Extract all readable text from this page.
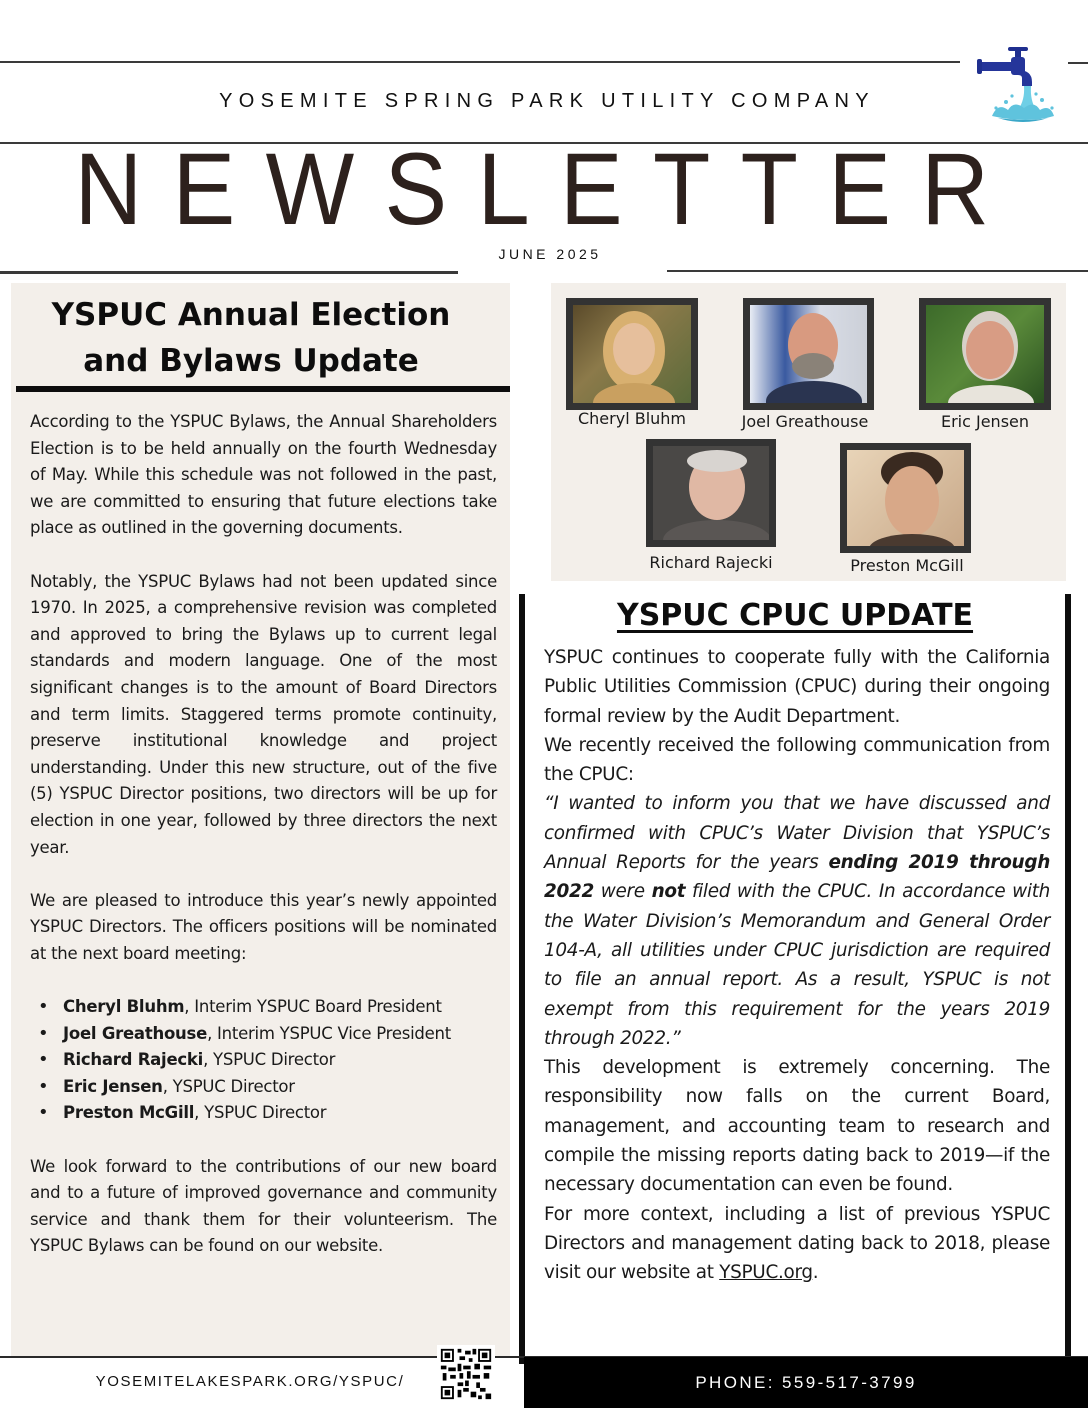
YOSEMITE SPRING PARK UTILITY COMPANY
NEWSLETTER
JUNE 2025
YSPUC Annual Election
and Bylaws Update

According to the YSPUC Bylaws, the Annual Shareholders Election is to be held annually on the fourth Wednesday of May. While this schedule was not followed in the past, we are committed to ensuring that future elections take place as outlined in the governing documents.

Notably, the YSPUC Bylaws had not been updated since 1970. In 2025, a comprehensive revision was completed and approved to bring the Bylaws up to current legal standards and modern language. One of the most significant changes is to the amount of Board Directors and term limits. Staggered terms promote continuity, preserve institutional knowledge and project understanding. Under this new structure, out of the five (5) YSPUC Director positions, two directors will be up for election in one year, followed by three directors the next year.

We are pleased to introduce this year’s newly appointed YSPUC Directors. The officers positions will be nominated at the next board meeting:

• Cheryl Bluhm, Interim YSPUC Board President
• Joel Greathouse, Interim YSPUC Vice President
• Richard Rajecki, YSPUC Director
• Eric Jensen, YSPUC Director
• Preston McGill, YSPUC Director

We look forward to the contributions of our new board and to a future of improved governance and community service and thank them for their volunteerism. The YSPUC Bylaws can be found on our website.

Cheryl Bluhm	Joel Greathouse	Eric Jensen
Richard Rajecki	Preston McGill
YSPUC CPUC UPDATE

YSPUC continues to cooperate fully with the California Public Utilities Commission (CPUC) during their ongoing formal review by the Audit Department.

We recently received the following communication from the CPUC:

“I wanted to inform you that we have discussed and confirmed with CPUC’s Water Division that YSPUC’s Annual Reports for the years ending 2019 through 2022 were not filed with the CPUC. In accordance with the Water Division’s Memorandum and General Order 104-A, all utilities under CPUC jurisdiction are required to file an annual report. As a result, YSPUC is not exempt from this requirement for the years 2019 through 2022.”

This development is extremely concerning. The responsibility now falls on the current Board, management, and accounting team to research and compile the missing reports dating back to 2019—if the necessary documentation can even be found.

For more context, including a list of previous YSPUC Directors and management dating back to 2018, please visit our website at YSPUC.org.

YOSEMITELAKESPARK.ORG/YSPUC/	PHONE: 559-517-3799
